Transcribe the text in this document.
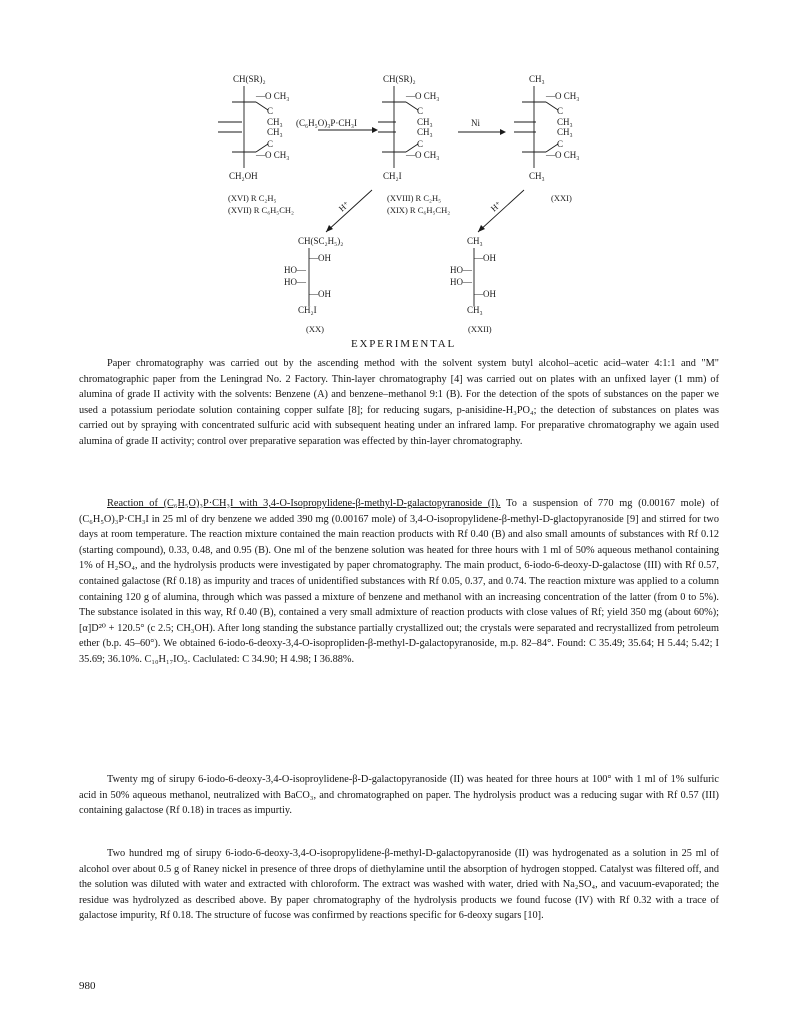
CH(SR)₂
—O CH₃
C
CH₃
CH₃
C
—O CH₃
CH₂OH
(C₆H₅O)₃P·CH₃I
CH(SR)₂
—O CH₃
C
CH₃
CH₃
C
—O CH₃
CH₂I
Ni
CH₃
—O CH₃
C
CH₃
CH₃
C
—O CH₃
CH₃
(XVI) R C₂H₅
(XVII) R C₆H₅CH₂
(XVIII) R C₂H₅
(XIX) R C₆H₅CH₂
(XXI)
H⁺	H⁺
CH(SC₂H₅)₂
—OH
HO—
HO—
—OH
CH₂I
CH₃
—OH
HO—
HO—
—OH
CH₃
(XX)	(XXII)
EXPERIMENTAL

Paper chromatography was carried out by the ascending method with the solvent system butyl alcohol–acetic acid–water 4:1:1 and "M" chromatographic paper from the Leningrad No. 2 Factory. Thin-layer chromatography [4] was carried out on plates with an unfixed layer (1 mm) of alumina of grade II activity with the solvents: Benzene (A) and benzene–methanol 9:1 (B). For the detection of the spots of substances on the paper we used a potassium periodate solution containing copper sulfate [8]; for reducing sugars, p-anisidine-H₃PO₄; the detection of substances on plates was carried out by spraying with concentrated sulfuric acid with subsequent heating under an infrared lamp. For preparative chromatography we again used alumina of grade II activity; control over preparative separation was effected by thin-layer chromatography.

Reaction of (C₆H₅O)₃P·CH₃I with 3,4-O-Isopropylidene-β-methyl-D-galactopyranoside (I). To a suspension of 770 mg (0.00167 mole) of (C₆H₅O)₃P·CH₃I in 25 ml of dry benzene we added 390 mg (0.00167 mole) of 3,4-O-isopropylidene-β-methyl-D-glactopyranoside [9] and stirred for two days at room temperature. The reaction mixture contained the main reaction products with Rf 0.40 (B) and also small amounts of substances with Rf 0.12 (starting compound), 0.33, 0.48, and 0.95 (B). One ml of the benzene solution was heated for three hours with 1 ml of 50% aqueous methanol containing 1% of H₂SO₄, and the hydrolysis products were investigated by paper chromatography. The main product, 6-iodo-6-deoxy-D-galactose (III) with Rf 0.57, contained galactose (Rf 0.18) as impurity and traces of unidentified substances with Rf 0.05, 0.37, and 0.74. The reaction mixture was applied to a column containing 120 g of alumina, through which was passed a mixture of benzene and methanol with an increasing concentration of the latter (from 0 to 5%). The substance isolated in this way, Rf 0.40 (B), contained a very small admixture of reaction products with close values of Rf; yield 350 mg (about 60%); [α]D²⁰ + 120.5° (c 2.5; CH₃OH). After long standing the substance partially crystallized out; the crystals were separated and recrystallized from petroleum ether (b.p. 45–60°). We obtained 6-iodo-6-deoxy-3,4-O-isopropliden-β-methyl-D-galactopyranoside, m.p. 82–84°. Found: C 35.49; 35.64; H 5.44; 5.42; I 35.69; 36.10%. C₁₀H₁₇IO₅. Caclulated: C 34.90; H 4.98; I 36.88%.

Twenty mg of sirupy 6-iodo-6-deoxy-3,4-O-isoproylidene-β-D-galactopyranoside (II) was heated for three hours at 100° with 1 ml of 1% sulfuric acid in 50% aqueous methanol, neutralized with BaCO₃, and chromatographed on paper. The hydrolysis product was a reducing sugar with Rf 0.57 (III) containing galactose (Rf 0.18) in traces as impurtiy.

Two hundred mg of sirupy 6-iodo-6-deoxy-3,4-O-isopropylidene-β-methyl-D-galactopyranoside (II) was hydrogenated as a solution in 25 ml of alcohol over about 0.5 g of Raney nickel in presence of three drops of diethylamine until the absorption of hydrogen stopped. Catalyst was filtered off, and the solution was diluted with water and extracted with chloroform. The extract was washed with water, dried with Na₂SO₄, and vacuum-evaporated; the residue was hydrolyzed as described above. By paper chromatography of the hydrolysis products we found fucose (IV) with Rf 0.32 with a trace of galactose impurity, Rf 0.18. The structure of fucose was confirmed by reactions specific for 6-deoxy sugars [10].

980
